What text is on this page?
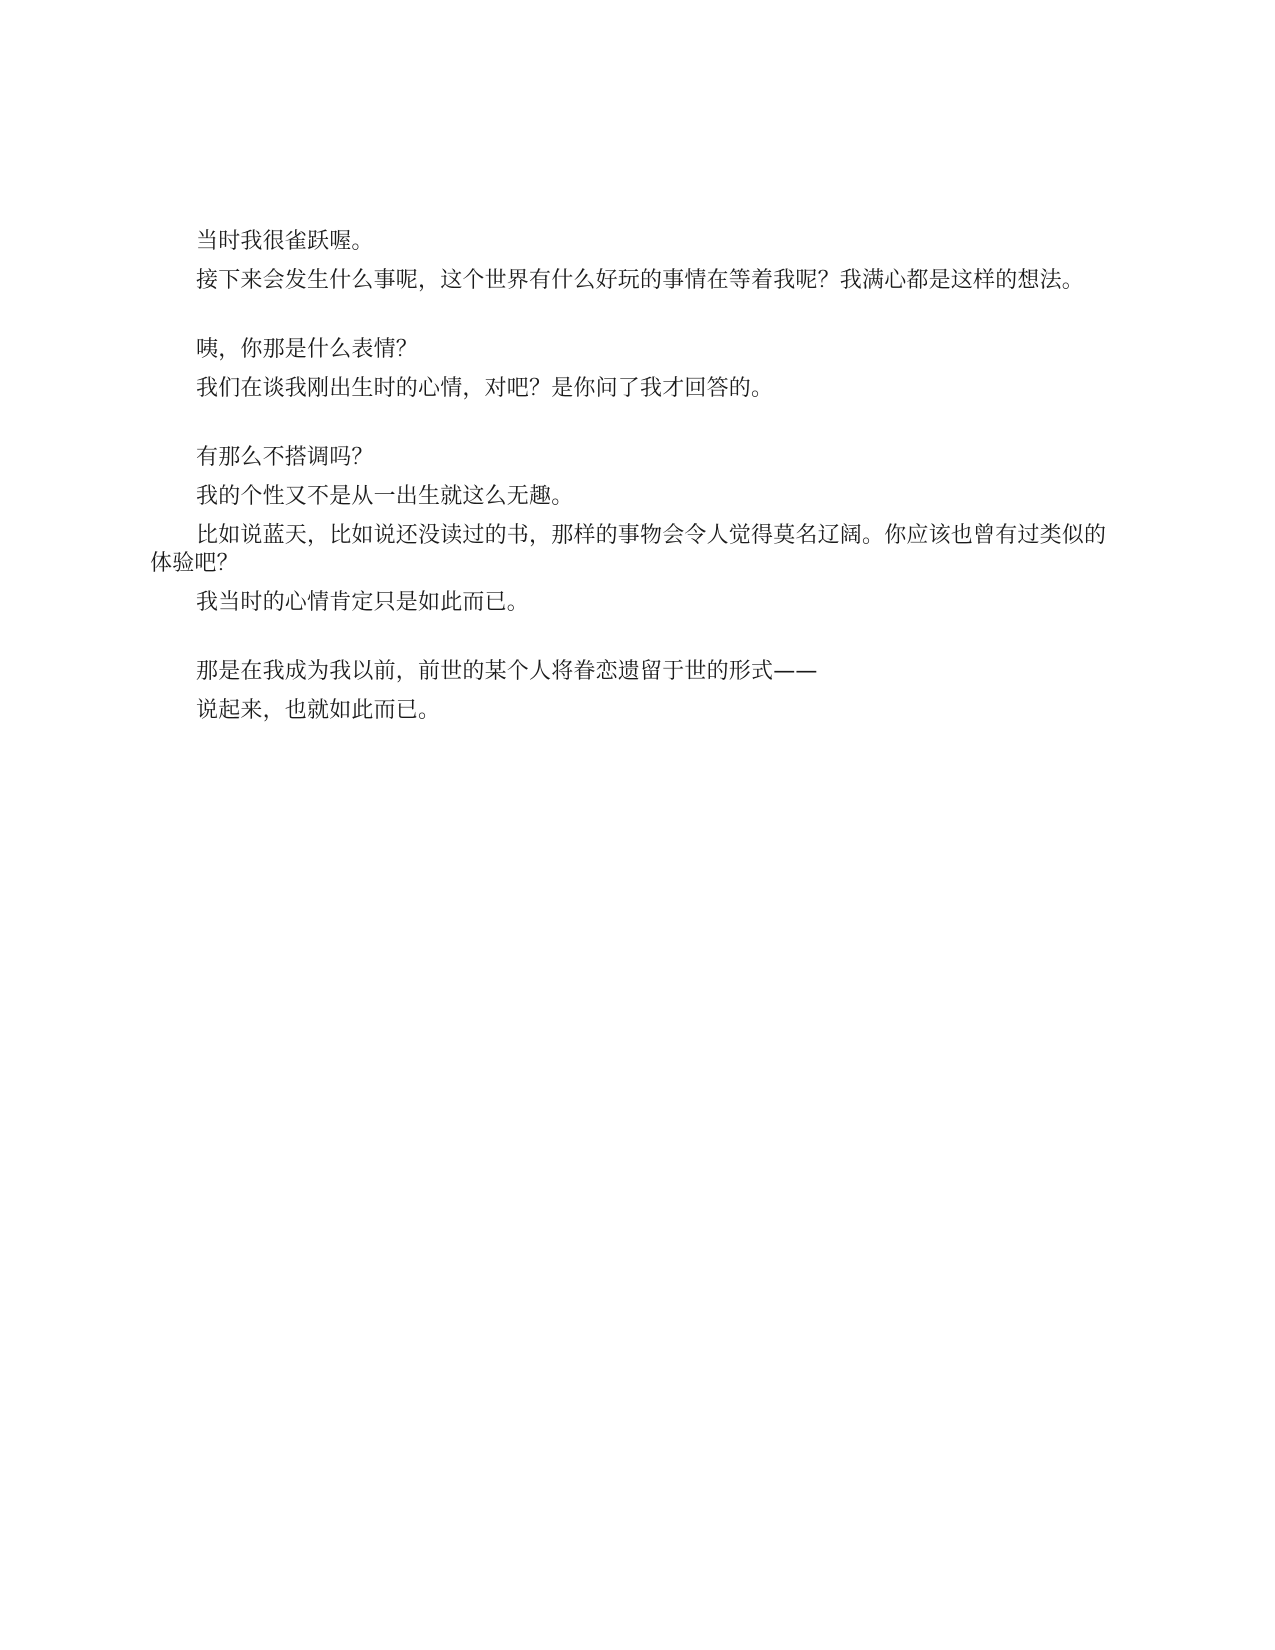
当时我很雀跃喔。

接下来会发生什么事呢，这个世界有什么好玩的事情在等着我呢？我满心都是这样的想法。

咦，你那是什么表情？

我们在谈我刚出生时的心情，对吧？是你问了我才回答的。

有那么不搭调吗？

我的个性又不是从一出生就这么无趣。

比如说蓝天，比如说还没读过的书，那样的事物会令人觉得莫名辽阔。你应该也曾有过类似的体验吧？

我当时的心情肯定只是如此而已。

那是在我成为我以前，前世的某个人将眷恋遗留于世的形式——

说起来，也就如此而已。
